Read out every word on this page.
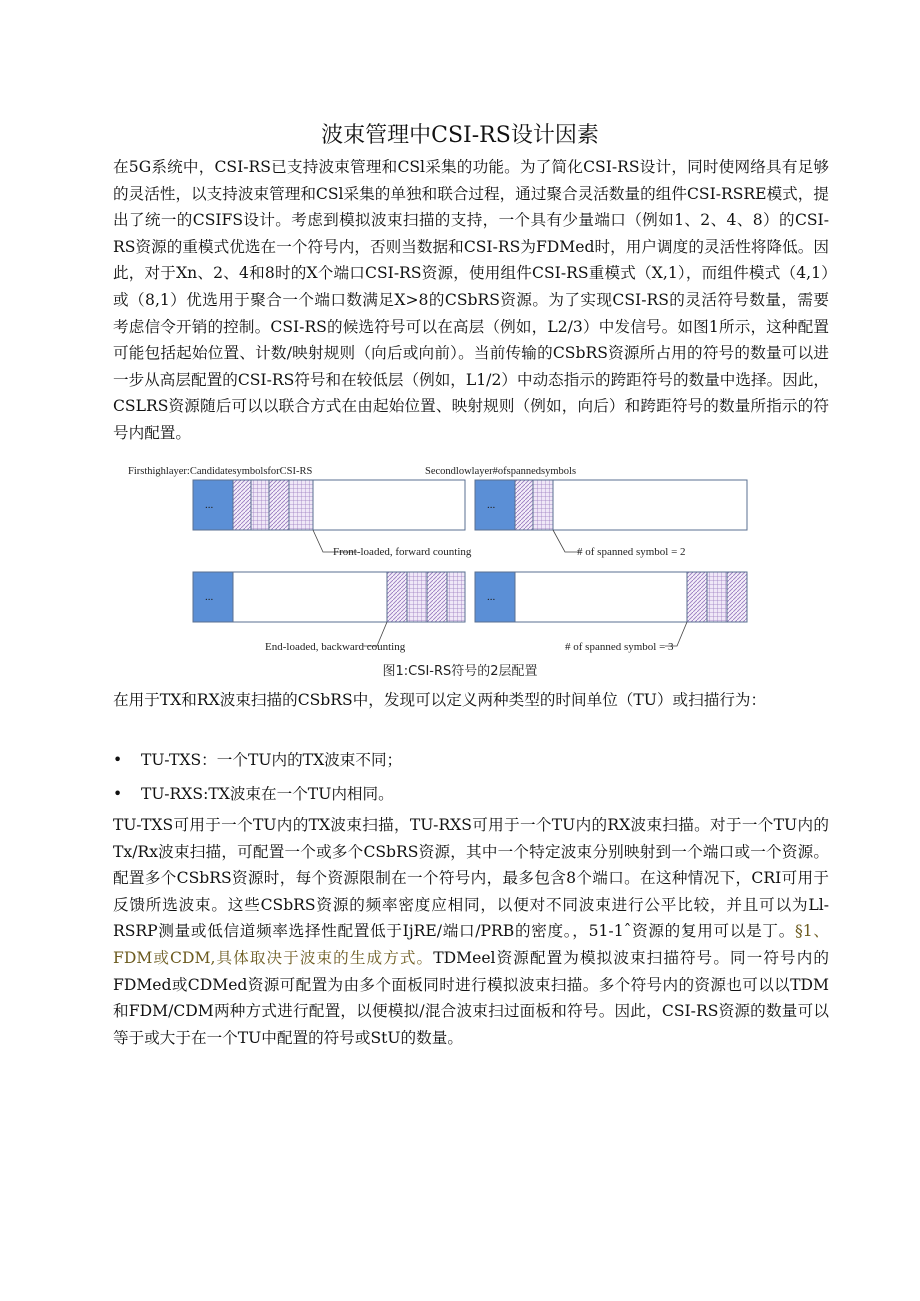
波束管理中CSI-RS设计因素

在5G系统中，CSI-RS已支持波束管理和CSl采集的功能。为了简化CSI-RS设计，同时使网络具有足够的灵活性，以支持波束管理和CSl采集的单独和联合过程，通过聚合灵活数量的组件CSI-RSRE模式，提出了统一的CSIFS设计。考虑到模拟波束扫描的支持，一个具有少量端口（例如1、2、4、8）的CSI-RS资源的重模式优选在一个符号内，否则当数据和CSI-RS为FDMed时，用户调度的灵活性将降低。因此，对于Xn、2、4和8时的X个端口CSI-RS资源，使用组件CSI-RS重模式（X,1），而组件模式（4,1）或（8,1）优选用于聚合一个端口数满足X>8的CSbRS资源。为了实现CSI-RS的灵活符号数量，需要考虑信令开销的控制。CSI-RS的候选符号可以在高层（例如，L2/3）中发信号。如图1所示，这种配置可能包括起始位置、计数/映射规则（向后或向前）。当前传输的CSbRS资源所占用的符号的数量可以进一步从高层配置的CSI-RS符号和在较低层（例如，L1/2）中动态指示的跨距符号的数量中选择。因此，CSLRS资源随后可以以联合方式在由起始位置、映射规则（例如，向后）和跨距符号的数量所指示的符号内配置。

Firsthighlayer:CandidatesymbolsforCSI-RS	Secondlowlayer#ofspannedsymbols
...	...
Front-loaded, forward counting	# of spanned symbol = 2
...	...
End-loaded, backward counting	# of spanned symbol = 3
图1:CSI-RS符号的2层配置

在用于TX和RX波束扫描的CSbRS中，发现可以定义两种类型的时间单位（TU）或扫描行为：

• TU-TXS：一个TU内的TX波束不同；
• TU-RXS:TX波束在一个TU内相同。

TU-TXS可用于一个TU内的TX波束扫描，TU-RXS可用于一个TU内的RX波束扫描。对于一个TU内的Tx/Rx波束扫描，可配置一个或多个CSbRS资源，其中一个特定波束分别映射到一个端口或一个资源。配置多个CSbRS资源时，每个资源限制在一个符号内，最多包含8个端口。在这种情况下，CRI可用于反馈所选波束。这些CSbRS资源的频率密度应相同，以便对不同波束进行公平比较，并且可以为Ll-RSRP测量或低信道频率选择性配置低于IjRE/端口/PRB的密度。，51-1ˆ资源的复用可以是丁。§1、FDM或CDM,具体取决于波束的生成方式。TDMeel资源配置为模拟波束扫描符号。同一符号内的FDMed或CDMed资源可配置为由多个面板同时进行模拟波束扫描。多个符号内的资源也可以以TDM和FDM/CDM两种方式进行配置，以便模拟/混合波束扫过面板和符号。因此，CSI-RS资源的数量可以等于或大于在一个TU中配置的符号或StU的数量。
